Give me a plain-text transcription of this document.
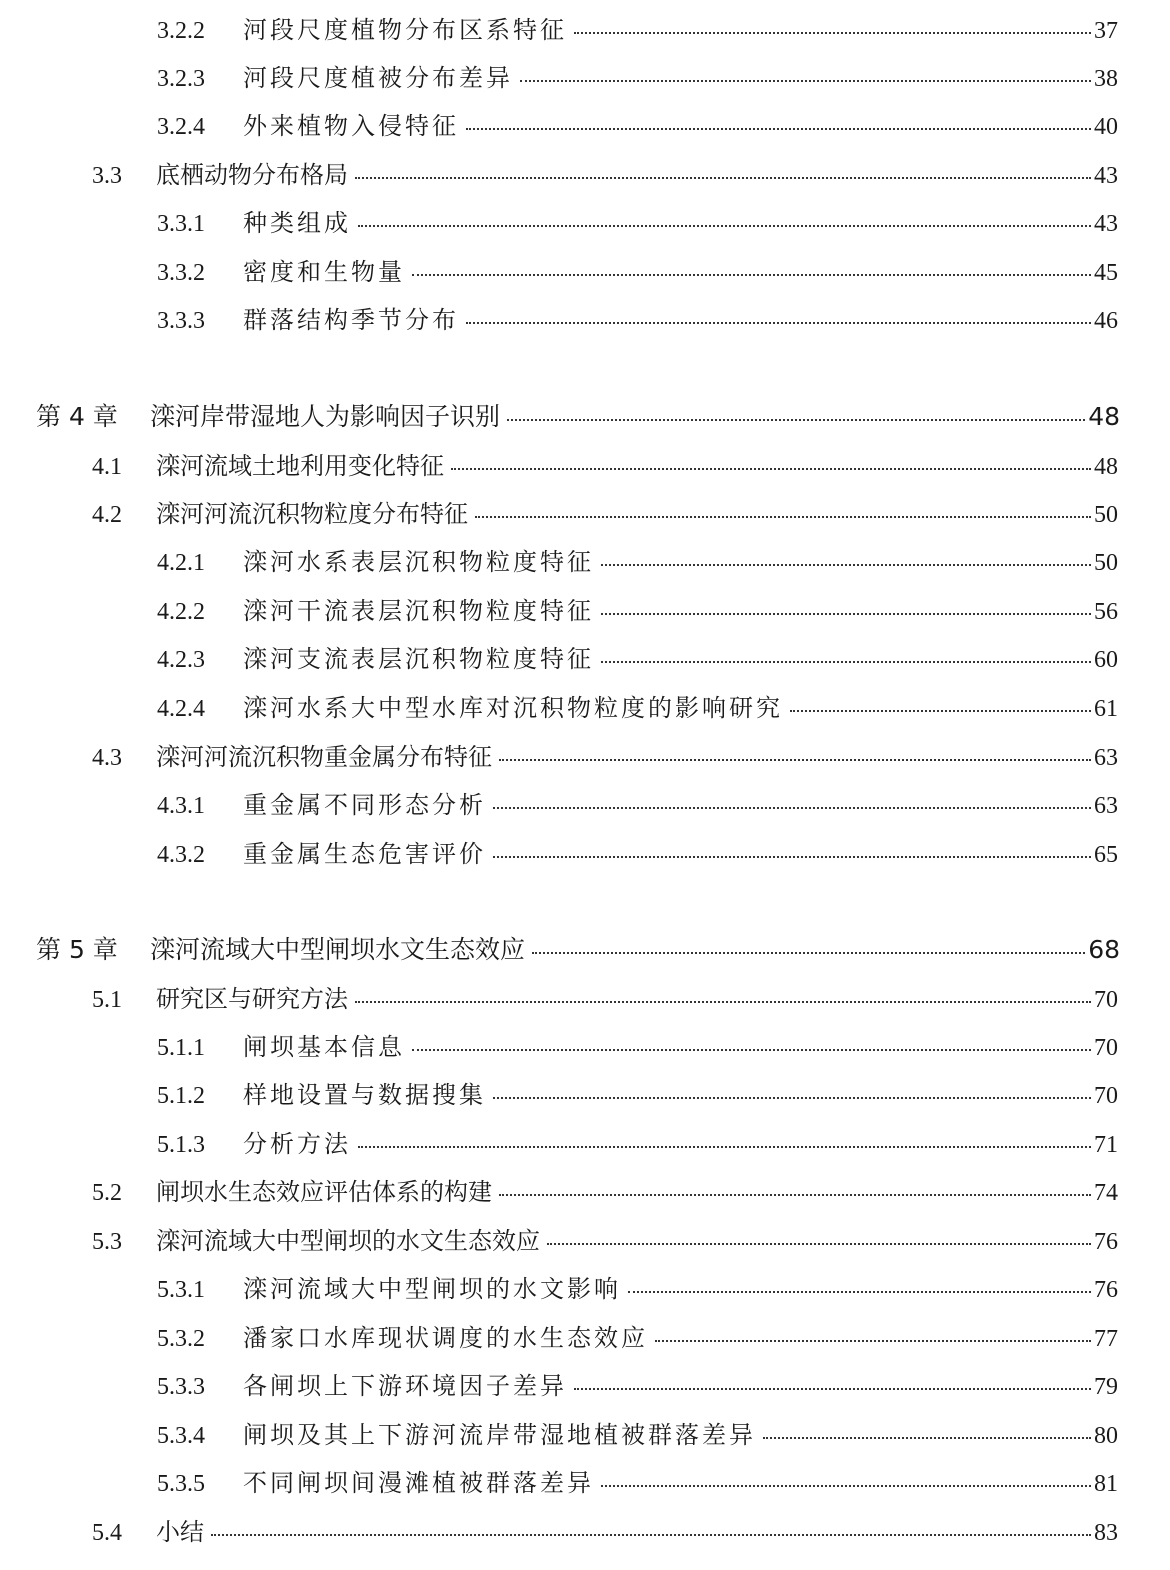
3.2.2	河段尺度植物分布区系特征	37
3.2.3	河段尺度植被分布差异	38
3.2.4	外来植物入侵特征	40
3.3	底栖动物分布格局	43
3.3.1	种类组成	43
3.3.2	密度和生物量	45
3.3.3	群落结构季节分布	46
第 4 章	滦河岸带湿地人为影响因子识别	48
4.1	滦河流域土地利用变化特征	48
4.2	滦河河流沉积物粒度分布特征	50
4.2.1	滦河水系表层沉积物粒度特征	50
4.2.2	滦河干流表层沉积物粒度特征	56
4.2.3	滦河支流表层沉积物粒度特征	60
4.2.4	滦河水系大中型水库对沉积物粒度的影响研究	61
4.3	滦河河流沉积物重金属分布特征	63
4.3.1	重金属不同形态分析	63
4.3.2	重金属生态危害评价	65
第 5 章	滦河流域大中型闸坝水文生态效应	68
5.1	研究区与研究方法	70
5.1.1	闸坝基本信息	70
5.1.2	样地设置与数据搜集	70
5.1.3	分析方法	71
5.2	闸坝水生态效应评估体系的构建	74
5.3	滦河流域大中型闸坝的水文生态效应	76
5.3.1	滦河流域大中型闸坝的水文影响	76
5.3.2	潘家口水库现状调度的水生态效应	77
5.3.3	各闸坝上下游环境因子差异	79
5.3.4	闸坝及其上下游河流岸带湿地植被群落差异	80
5.3.5	不同闸坝间漫滩植被群落差异	81
5.4	小结	83
